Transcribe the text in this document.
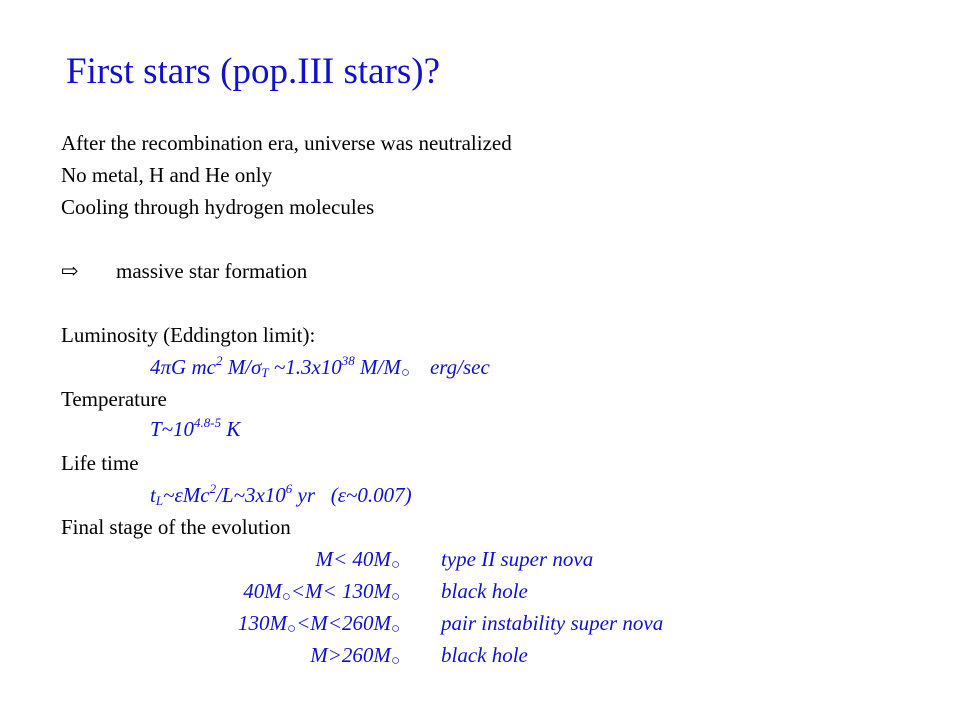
First stars (pop.III stars)?
After the recombination era, universe was neutralized
No metal, H and He only
Cooling through hydrogen molecules
⇨ massive star formation
Luminosity (Eddington limit):
4πG $mc^2$ $M/\sigma_T$ $\sim 1.3x10^{38}$ M/M○ erg/sec
Temperature
$T\sim 10^{4.8-5}$ K
Life time
$t_L\sim\varepsilon Mc^2/L\sim 3x10^6$ yr   (ε~0.007)
Final stage of the evolution
M< 40M○ type II super nova
40M○<M< 130M○ black hole
130M○<M<260M○ pair instability super nova
M>260M○ black hole
